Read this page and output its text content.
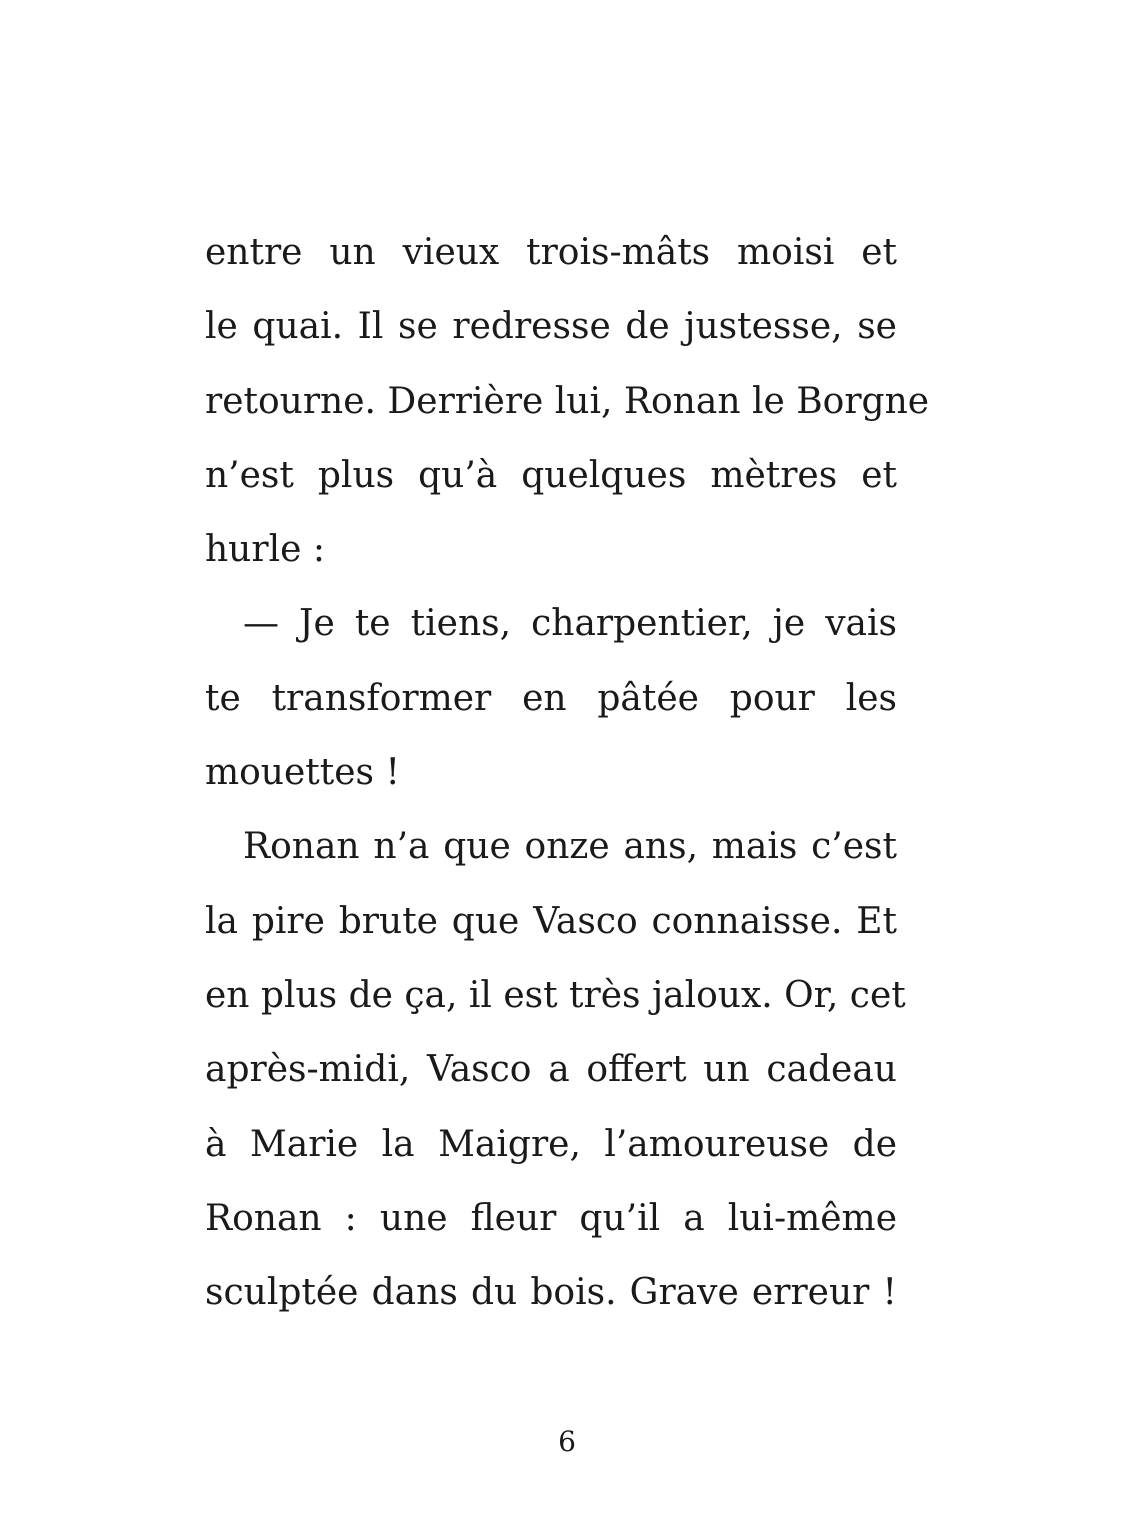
entre un vieux trois-mâts moisi et
le quai. Il se redresse de justesse, se
retourne. Derrière lui, Ronan le Borgne
n’est plus qu’à quelques mètres et
hurle :
— Je te tiens, charpentier, je vais
te transformer en pâtée pour les
mouettes !
Ronan n’a que onze ans, mais c’est
la pire brute que Vasco connaisse. Et
en plus de ça, il est très jaloux. Or, cet
après-midi, Vasco a offert un cadeau
à Marie la Maigre, l’amoureuse de
Ronan : une fleur qu’il a lui-même
sculptée dans du bois. Grave erreur !
6
